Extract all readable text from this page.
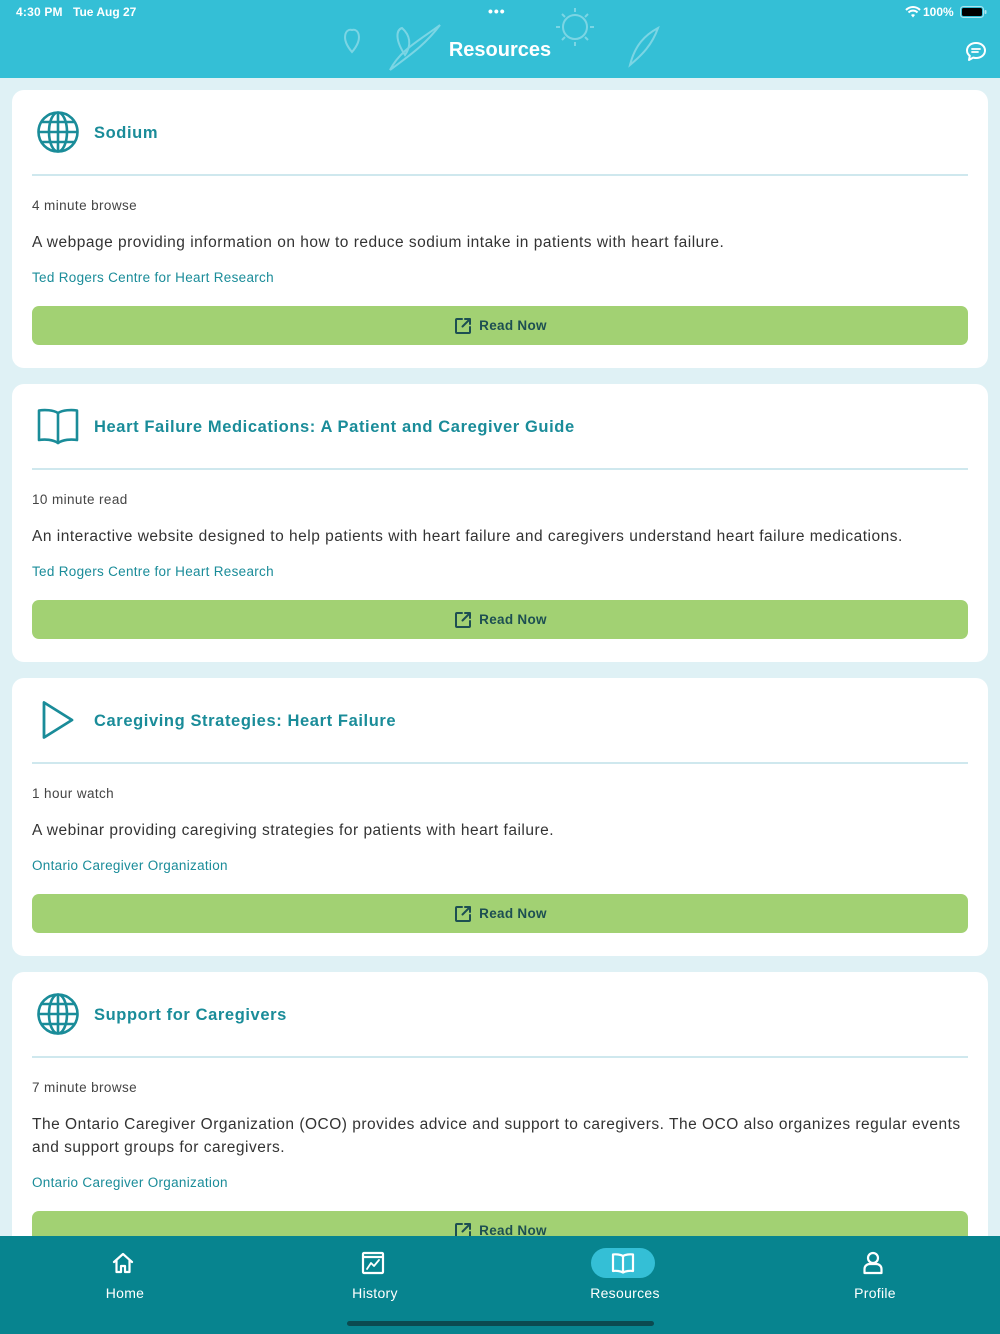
4:30 PM Tue Aug 27	•••	100%
Resources
Sodium
4 minute browse
A webpage providing information on how to reduce sodium intake in patients with heart failure.
Ted Rogers Centre for Heart Research
Read Now
Heart Failure Medications: A Patient and Caregiver Guide
10 minute read
An interactive website designed to help patients with heart failure and caregivers understand heart failure medications.
Ted Rogers Centre for Heart Research
Read Now
Caregiving Strategies: Heart Failure
1 hour watch
A webinar providing caregiving strategies for patients with heart failure.
Ontario Caregiver Organization
Read Now
Support for Caregivers
7 minute browse
The Ontario Caregiver Organization (OCO) provides advice and support to caregivers. The OCO also organizes regular events and support groups for caregivers.
Ontario Caregiver Organization
Read Now
Home	History	Resources	Profile
